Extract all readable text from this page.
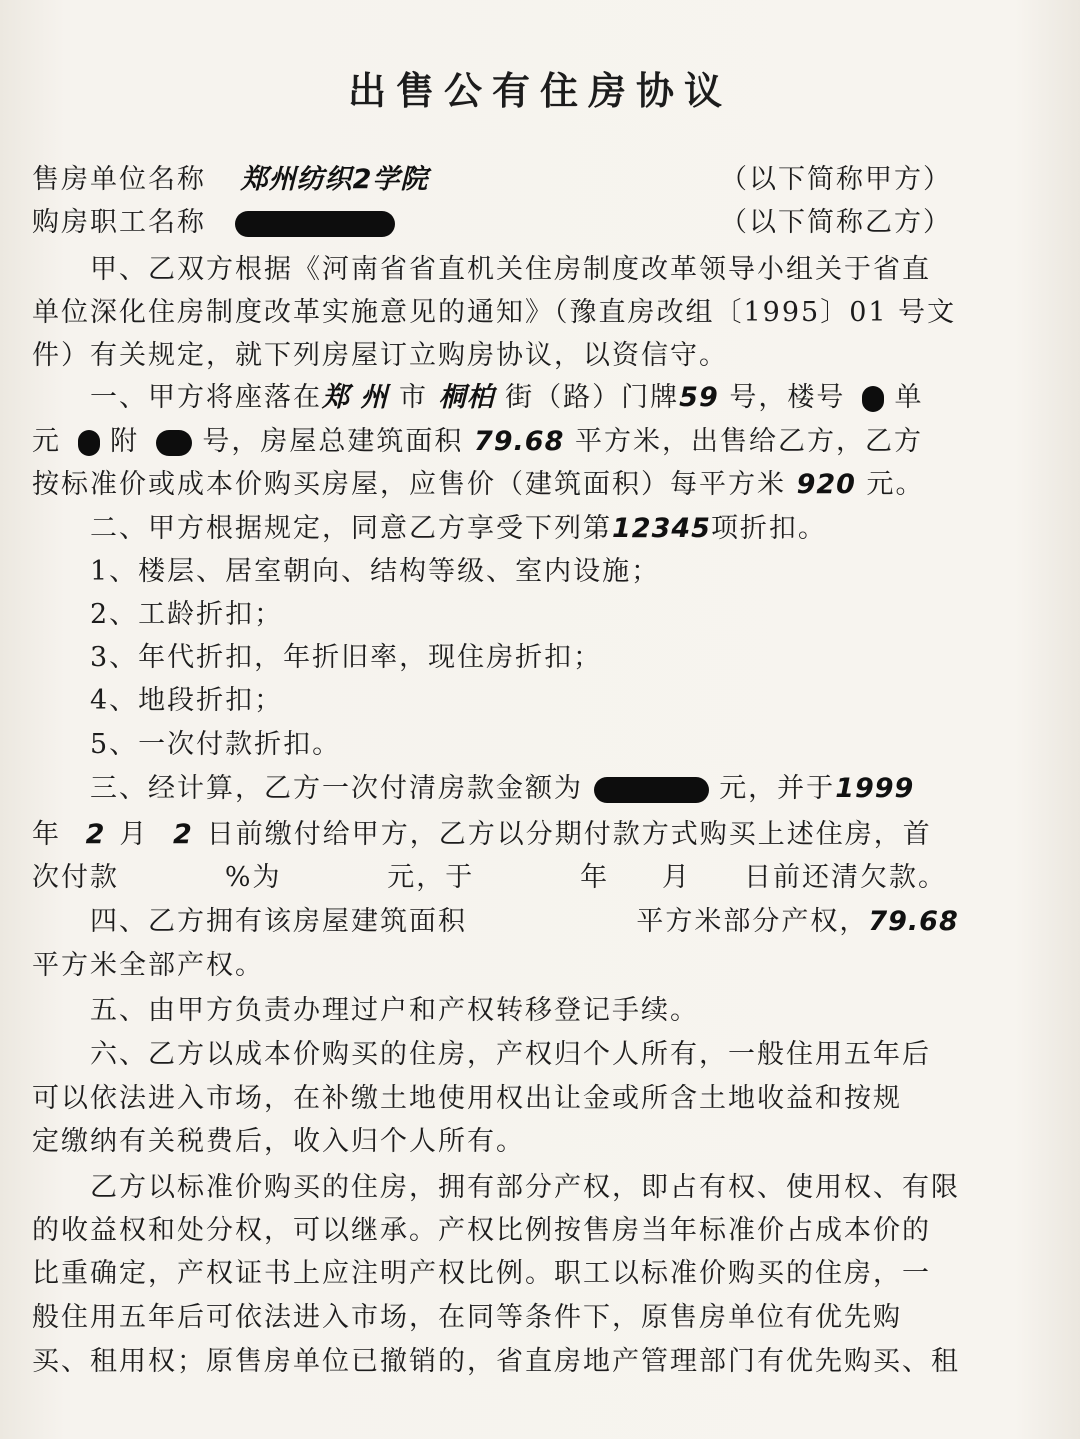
出售公有住房协议
售房单位名称 郑州纺织2学院	（以下简称甲方）
购房职工名称	（以下简称乙方）
甲、乙双方根据《河南省省直机关住房制度改革领导小组关于省直
单位深化住房制度改革实施意见的通知》（豫直房改组〔1995〕01 号文
件）有关规定，就下列房屋订立购房协议，以资信守。
一、甲方将座落在郑 州 市 桐柏 街（路）门牌59 号，楼号  单
元  附  号，房屋总建筑面积 79.68 平方米，出售给乙方，乙方
按标准价或成本价购买房屋，应售价（建筑面积）每平方米 920 元。
二、甲方根据规定，同意乙方享受下列第12345项折扣。
1、楼层、居室朝向、结构等级、室内设施；
2、工龄折扣；
3、年代折扣，年折旧率，现住房折扣；
4、地段折扣；
5、一次付款折扣。
三、经计算，乙方一次付清房款金额为	元，并于1999
年 2 月 2 日前缴付给甲方，乙方以分期付款方式购买上述住房，首
次付款          %为          元，于          年     月     日前还清欠款。
四、乙方拥有该房屋建筑面积                平方米部分产权，79.68
平方米全部产权。
五、由甲方负责办理过户和产权转移登记手续。
六、乙方以成本价购买的住房，产权归个人所有，一般住用五年后
可以依法进入市场，在补缴土地使用权出让金或所含土地收益和按规
定缴纳有关税费后，收入归个人所有。
乙方以标准价购买的住房，拥有部分产权，即占有权、使用权、有限
的收益权和处分权，可以继承。产权比例按售房当年标准价占成本价的
比重确定，产权证书上应注明产权比例。职工以标准价购买的住房，一
般住用五年后可依法进入市场，在同等条件下，原售房单位有优先购
买、租用权；原售房单位已撤销的，省直房地产管理部门有优先购买、租
